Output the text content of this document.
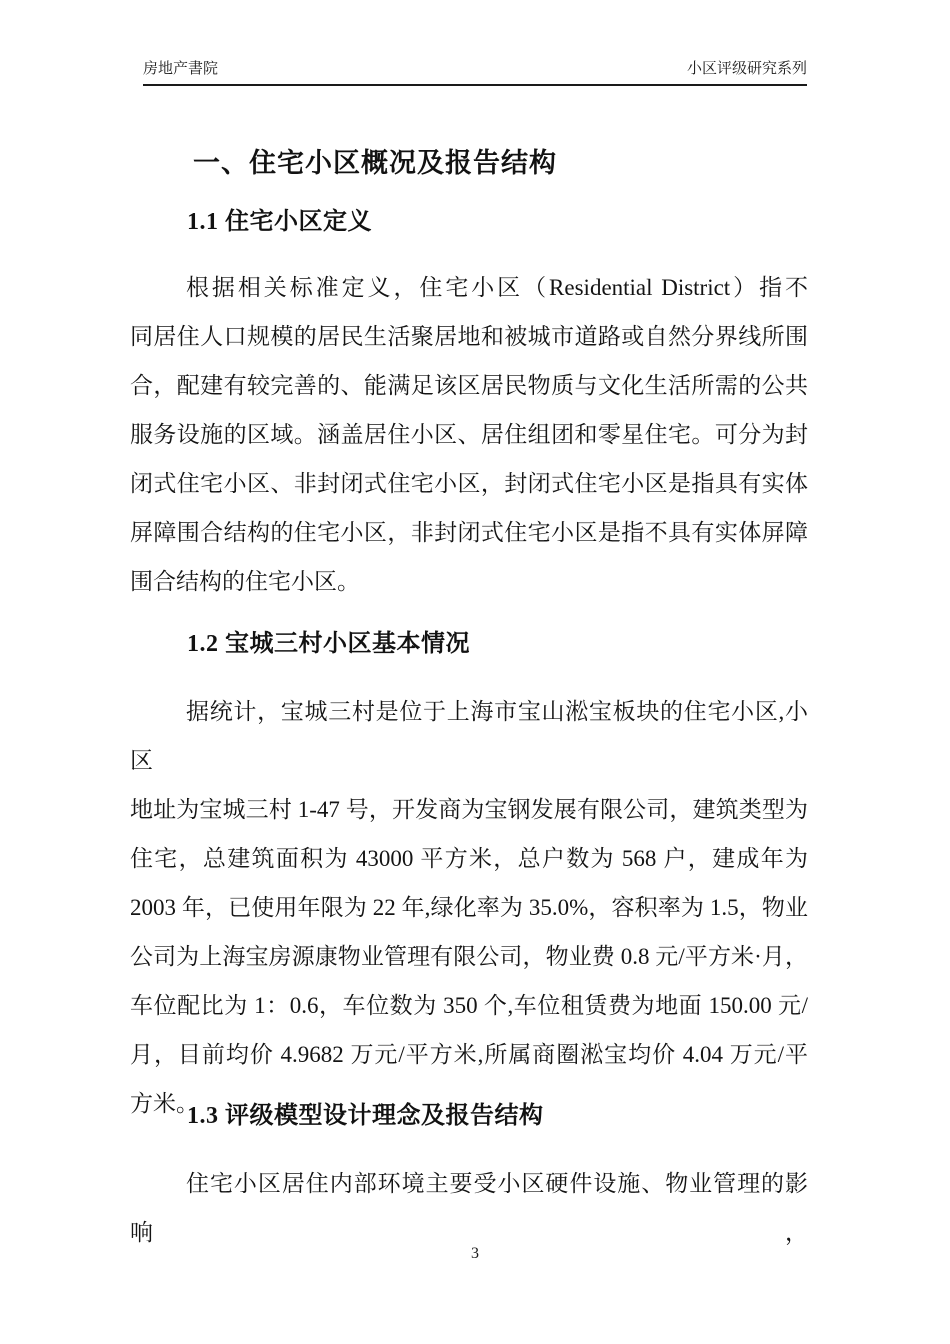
房地产書院	小区评级研究系列
一、住宅小区概况及报告结构
1.1 住宅小区定义
根据相关标准定义，住宅小区（Residential District）指不
同居住人口规模的居民生活聚居地和被城市道路或自然分界线所围
合，配建有较完善的、能满足该区居民物质与文化生活所需的公共
服务设施的区域。涵盖居住小区、居住组团和零星住宅。可分为封
闭式住宅小区、非封闭式住宅小区，封闭式住宅小区是指具有实体
屏障围合结构的住宅小区，非封闭式住宅小区是指不具有实体屏障
围合结构的住宅小区。
1.2 宝城三村小区基本情况
据统计，宝城三村是位于上海市宝山淞宝板块的住宅小区,小区
地址为宝城三村 1-47 号，开发商为宝钢发展有限公司，建筑类型为
住宅，总建筑面积为 43000 平方米，总户数为 568 户，建成年为
2003 年，已使用年限为 22 年,绿化率为 35.0%，容积率为 1.5，物业
公司为上海宝房源康物业管理有限公司，物业费 0.8 元/平方米·月，
车位配比为 1：0.6，车位数为 350 个,车位租赁费为地面 150.00 元/
月，目前均价 4.9682 万元/平方米,所属商圈淞宝均价 4.04 万元/平
方米。
1.3 评级模型设计理念及报告结构
住宅小区居住内部环境主要受小区硬件设施、物业管理的影响，
3
